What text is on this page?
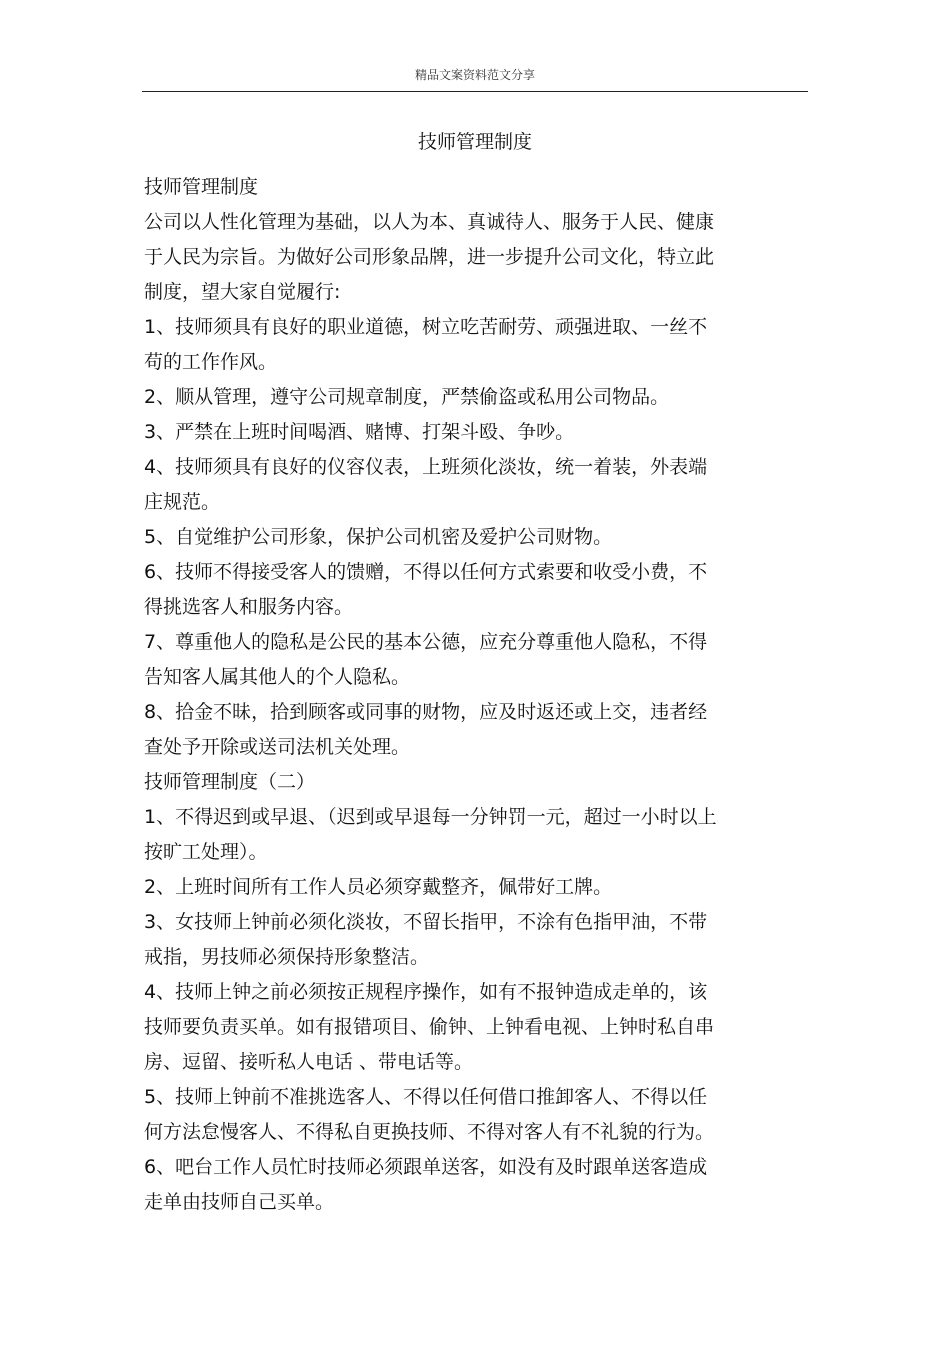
精品文案资料范文分享
技师管理制度

技师管理制度

公司以人性化管理为基础，以人为本、真诚待人、服务于人民、健康
于人民为宗旨。为做好公司形象品牌，进一步提升公司文化，特立此
制度，望大家自觉履行:

1、技师须具有良好的职业道德，树立吃苦耐劳、顽强进取、一丝不
苟的工作作风。

2、顺从管理，遵守公司规章制度，严禁偷盗或私用公司物品。

3、严禁在上班时间喝酒、赌博、打架斗殴、争吵。

4、技师须具有良好的仪容仪表，上班须化淡妆，统一着装，外表端
庄规范。

5、自觉维护公司形象，保护公司机密及爱护公司财物。

6、技师不得接受客人的馈赠，不得以任何方式索要和收受小费，不
得挑选客人和服务内容。

7、尊重他人的隐私是公民的基本公德，应充分尊重他人隐私，不得
告知客人属其他人的个人隐私。

8、拾金不昧，拾到顾客或同事的财物，应及时返还或上交，违者经
查处予开除或送司法机关处理。

技师管理制度（二）

1、不得迟到或早退、（迟到或早退每一分钟罚一元，超过一小时以上
按旷工处理）。

2、上班时间所有工作人员必须穿戴整齐，佩带好工牌。

3、女技师上钟前必须化淡妆，不留长指甲，不涂有色指甲油，不带
戒指，男技师必须保持形象整洁。

4、技师上钟之前必须按正规程序操作，如有不报钟造成走单的，该
技师要负责买单。如有报错项目、偷钟、上钟看电视、上钟时私自串
房、逗留、接听私人电话 、带电话等。

5、技师上钟前不准挑选客人、不得以任何借口推卸客人、不得以任
何方法怠慢客人、不得私自更换技师、不得对客人有不礼貌的行为。

6、吧台工作人员忙时技师必须跟单送客，如没有及时跟单送客造成
走单由技师自己买单。
